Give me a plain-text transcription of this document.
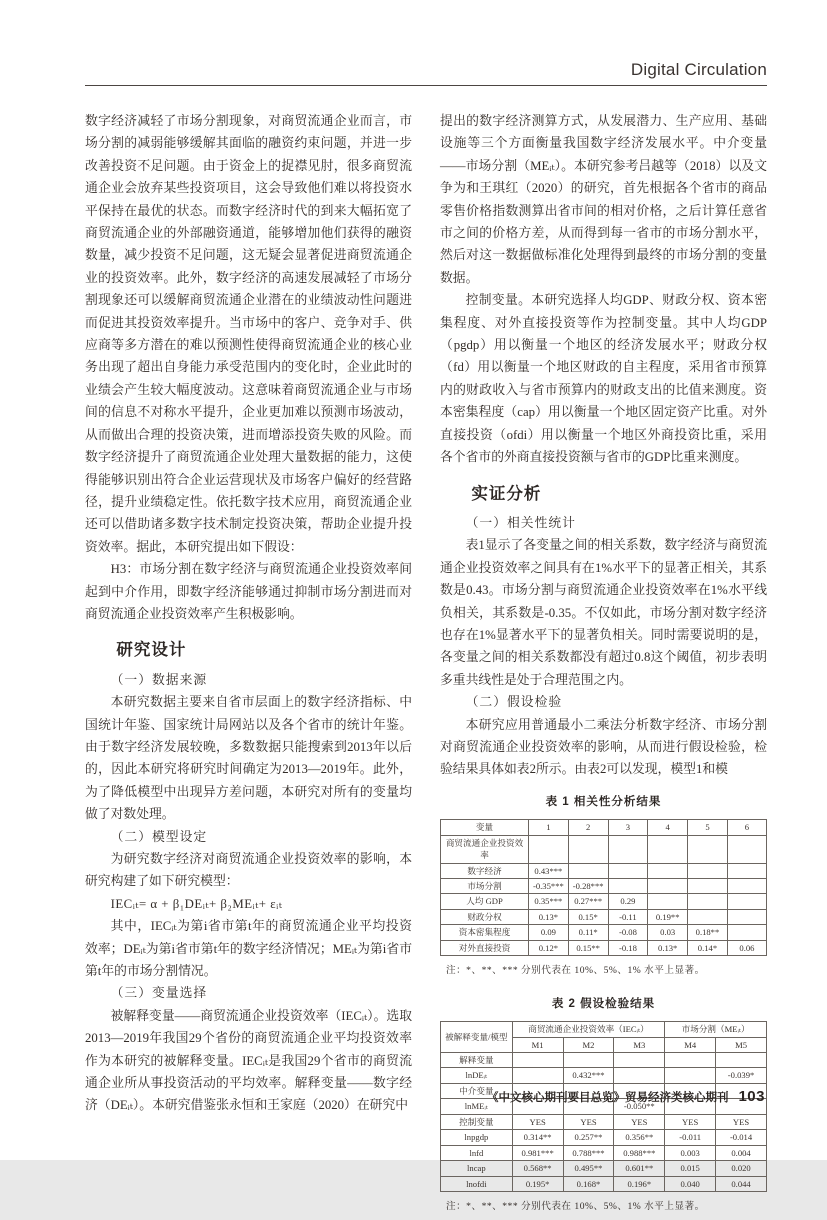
Digital Circulation

数字经济减轻了市场分割现象，对商贸流通企业而言，市场分割的减弱能够缓解其面临的融资约束问题，并进一步改善投资不足问题。由于资金上的捉襟见肘，很多商贸流通企业会放弃某些投资项目，这会导致他们难以将投资水平保持在最优的状态。而数字经济时代的到来大幅拓宽了商贸流通企业的外部融资通道，能够增加他们获得的融资数量，减少投资不足问题，这无疑会显著促进商贸流通企业的投资效率。此外，数字经济的高速发展减轻了市场分割现象还可以缓解商贸流通企业潜在的业绩波动性问题进而促进其投资效率提升。当市场中的客户、竞争对手、供应商等多方潜在的难以预测性使得商贸流通企业的核心业务出现了超出自身能力承受范围内的变化时，企业此时的业绩会产生较大幅度波动。这意味着商贸流通企业与市场间的信息不对称水平提升，企业更加难以预测市场波动，从而做出合理的投资决策，进而增添投资失败的风险。而数字经济提升了商贸流通企业处理大量数据的能力，这使得能够识别出符合企业运营现状及市场客户偏好的经营路径，提升业绩稳定性。依托数字技术应用，商贸流通企业还可以借助诸多数字技术制定投资决策，帮助企业提升投资效率。据此，本研究提出如下假设：

H3：市场分割在数字经济与商贸流通企业投资效率间起到中介作用，即数字经济能够通过抑制市场分割进而对商贸流通企业投资效率产生积极影响。

研究设计

（一）数据来源

本研究数据主要来自省市层面上的数字经济指标、中国统计年鉴、国家统计局网站以及各个省市的统计年鉴。由于数字经济发展较晚，多数数据只能搜索到2013年以后的，因此本研究将研究时间确定为2013—2019年。此外，为了降低模型中出现异方差问题，本研究对所有的变量均做了对数处理。

（二）模型设定

为研究数字经济对商贸流通企业投资效率的影响，本研究构建了如下研究模型：

IECᵢₜ= α + β₁DEᵢₜ+ β₂MEᵢₜ+ εᵢₜ

其中，IECᵢₜ为第i省市第t年的商贸流通企业平均投资效率；DEᵢₜ为第i省市第t年的数字经济情况；MEᵢₜ为第i省市第t年的市场分割情况。

（三）变量选择

被解释变量——商贸流通企业投资效率（IECᵢₜ）。选取2013—2019年我国29个省份的商贸流通企业平均投资效率作为本研究的被解释变量。IECᵢₜ是我国29个省市的商贸流通企业所从事投资活动的平均效率。解释变量——数字经济（DEᵢₜ）。本研究借鉴张永恒和王家庭（2020）在研究中

提出的数字经济测算方式，从发展潜力、生产应用、基础设施等三个方面衡量我国数字经济发展水平。中介变量——市场分割（MEᵢₜ）。本研究参考吕越等（2018）以及文争为和王琪红（2020）的研究，首先根据各个省市的商品零售价格指数测算出省市间的相对价格，之后计算任意省市之间的价格方差，从而得到每一省市的市场分割水平，然后对这一数据做标准化处理得到最终的市场分割的变量数据。

控制变量。本研究选择人均GDP、财政分权、资本密集程度、对外直接投资等作为控制变量。其中人均GDP（pgdp）用以衡量一个地区的经济发展水平；财政分权（fd）用以衡量一个地区财政的自主程度，采用省市预算内的财政收入与省市预算内的财政支出的比值来测度。资本密集程度（cap）用以衡量一个地区固定资产比重。对外直接投资（ofdi）用以衡量一个地区外商投资比重，采用各个省市的外商直接投资额与省市的GDP比重来测度。

实证分析

（一）相关性统计

表1显示了各变量之间的相关系数，数字经济与商贸流通企业投资效率之间具有在1%水平下的显著正相关，其系数是0.43。市场分割与商贸流通企业投资效率在1%水平线负相关，其系数是-0.35。不仅如此，市场分割对数字经济也存在1%显著水平下的显著负相关。同时需要说明的是，各变量之间的相关系数都没有超过0.8这个阈值，初步表明多重共线性是处于合理范围之内。

（二）假设检验

本研究应用普通最小二乘法分析数字经济、市场分割对商贸流通企业投资效率的影响，从而进行假设检验，检验结果具体如表2所示。由表2可以发现，模型1和模

表 1 相关性分析结果
变量	1	2	3	4	5	6
商贸流通企业投资效率						
数字经济	0.43***					
市场分割	-0.35***	-0.28***				
人均 GDP	0.35***	0.27***	0.29			
财政分权	0.13*	0.15*	-0.11	0.19**		
资本密集程度	0.09	0.11*	-0.08	0.03	0.18**	
对外直接投资	0.12*	0.15**	-0.18	0.13*	0.14*	0.06

注：*、**、*** 分别代表在 10%、5%、1% 水平上显著。

表 2 假设检验结果
被解释变量/模型	商贸流通企业投资效率（IECᵢₜ）			市场分割（MEᵢₜ）	
	M1	M2	M3	M4	M5
解释变量					
lnDEᵢₜ		0.432***			-0.039*
中介变量					
lnMEᵢₜ			-0.050**		
控制变量	YES	YES	YES	YES	YES
lnpgdp	0.314**	0.257**	0.356**	-0.011	-0.014
lnfd	0.981***	0.788***	0.988***	0.003	0.004
lncap	0.568**	0.495**	0.601**	0.015	0.020
lnofdi	0.195*	0.168*	0.196*	0.040	0.044

注：*、**、*** 分别代表在 10%、5%、1% 水平上显著。

《中文核心期刊要目总览》贸易经济类核心期刊 103
